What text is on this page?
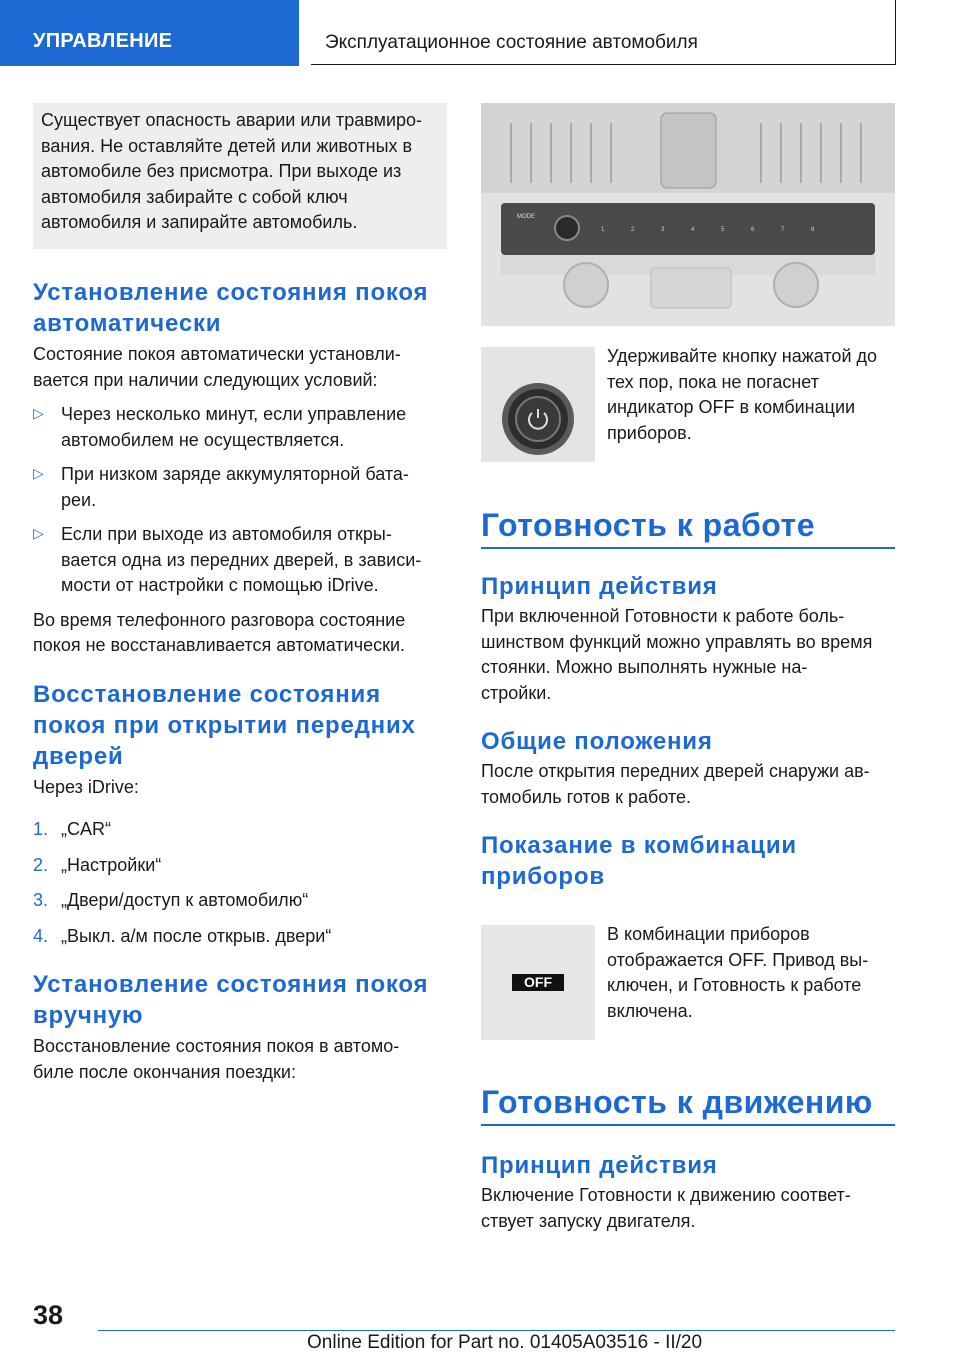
УПРАВЛЕНИЕ	Эксплуатационное состояние автомобиля
Существует опасность аварии или травмиро-
вания. Не оставляйте детей или животных в
автомобиле без присмотра. При выходе из
автомобиля забирайте с собой ключ
автомобиля и запирайте автомобиль.
Установление состояния покоя
автоматически

Состояние покоя автоматически установли-
вается при наличии следующих условий:

▷ Через несколько минут, если управление
автомобилем не осуществляется.

▷ При низком заряде аккумуляторной бата-
реи.

▷ Если при выходе из автомобиля откры-
вается одна из передних дверей, в зависи-
мости от настройки с помощью iDrive.

Во время телефонного разговора состояние
покоя не восстанавливается автоматически.

Восстановление состояния
покоя при открытии передних
дверей

Через iDrive:

1. „CAR“

2. „Настройки“

3. „Двери/доступ к автомобилю“

4. „Выкл. а/м после открыв. двери“

Установление состояния покоя
вручную

Восстановление состояния покоя в автомо-
биле после окончания поездки:

MODE
1	2	3	4	5	6	7	8

Удерживайте кнопку нажатой до
тех пор, пока не погаснет
индикатор OFF в комбинации
приборов.

Готовность к работе
Принцип действия

При включенной Готовности к работе боль-
шинством функций можно управлять во время
стоянки. Можно выполнять нужные на-
стройки.

Общие положения

После открытия передних дверей снаружи ав-
томобиль готов к работе.

Показание в комбинации
приборов
OFF

В комбинации приборов
отображается OFF. Привод вы-
ключен, и Готовность к работе
включена.

Готовность к движению
Принцип действия

Включение Готовности к движению соответ-
ствует запуску двигателя.

38
Online Edition for Part no. 01405A03516 - II/20
